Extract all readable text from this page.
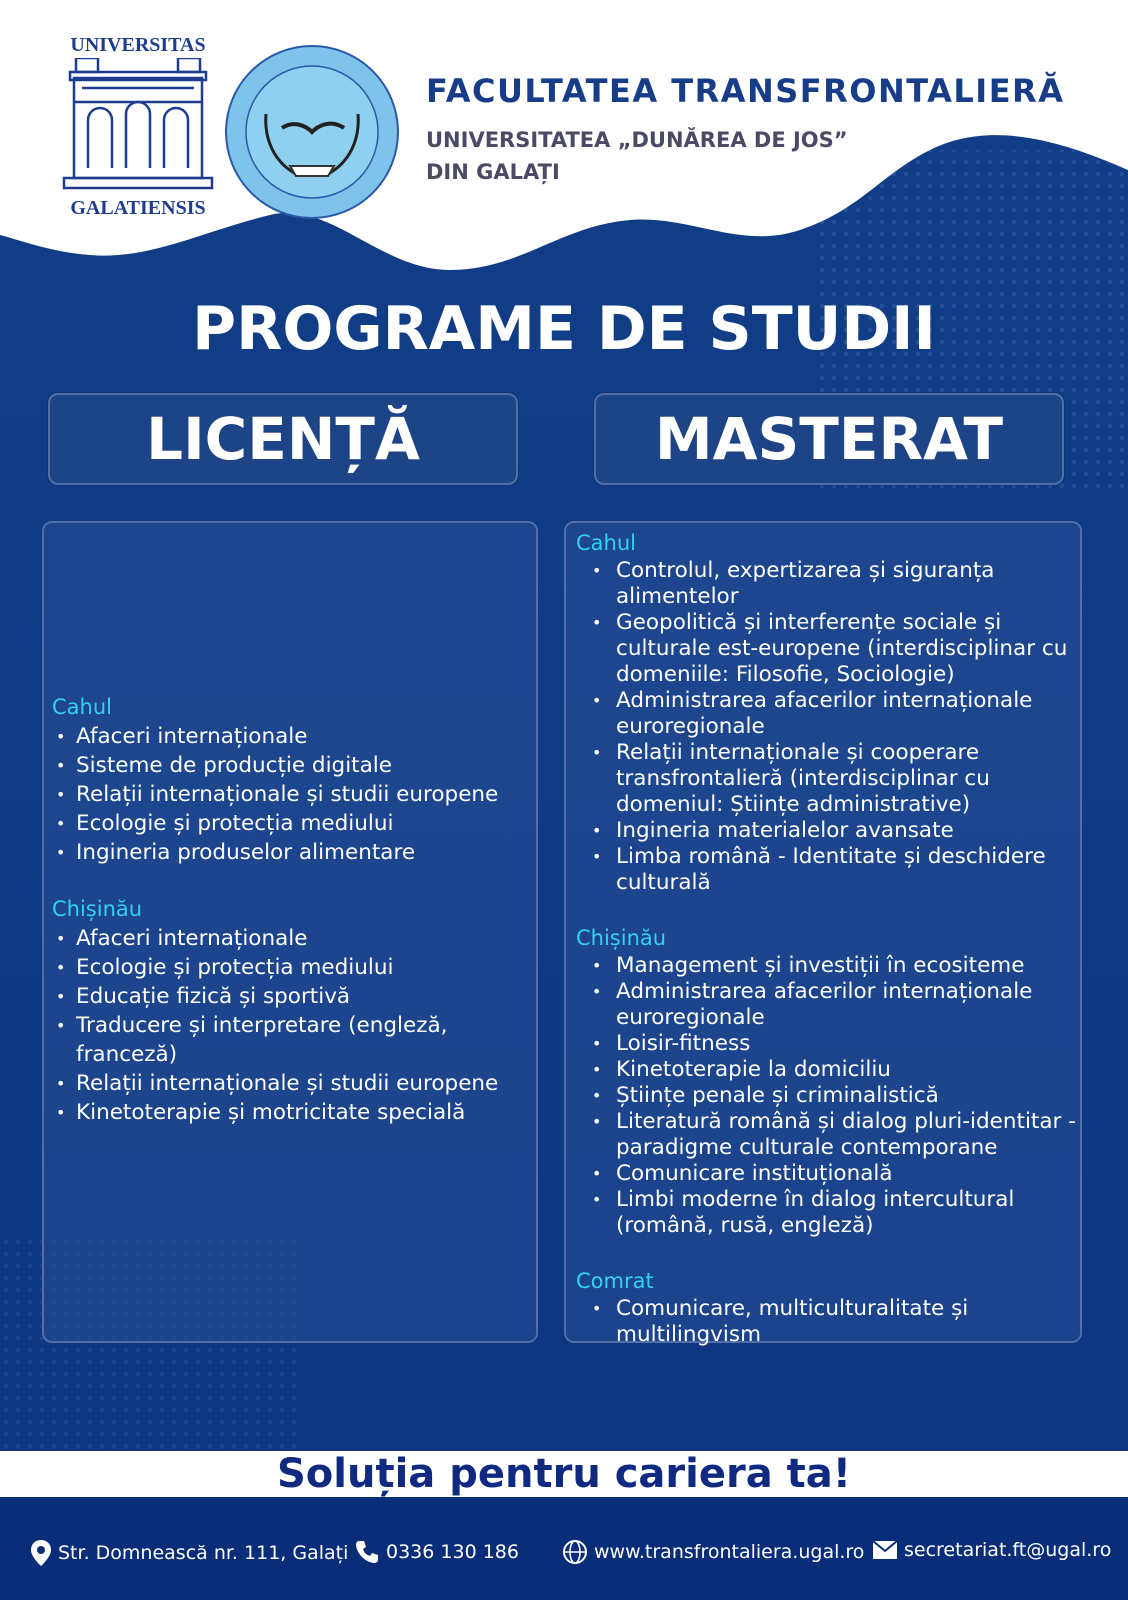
UNIVERSITAS
GALATIENSIS
FACULTATEA TRANSFRONTALIERĂ
UNIVERSITATEA „DUNĂREA DE JOS”
DIN GALAȚI
PROGRAME DE STUDII
LICENȚĂ	MASTERAT
Cahul
• Afaceri internaționale
• Sisteme de producție digitale
• Relații internaționale și studii europene
• Ecologie și protecția mediului
• Ingineria produselor alimentare
Chișinău
• Afaceri internaționale
• Ecologie și protecția mediului
• Educație fizică și sportivă
• Traducere și interpretare (engleză, franceză)
• Relații internaționale și studii europene
• Kinetoterapie și motricitate specială
Cahul
• Controlul, expertizarea și siguranța alimentelor
• Geopolitică și interferențe sociale și culturale est-europene (interdisciplinar cu domeniile: Filosofie, Sociologie)
• Administrarea afacerilor internaționale euroregionale
• Relații internaționale și cooperare transfrontalieră (interdisciplinar cu domeniul: Științe administrative)
• Ingineria materialelor avansate
• Limba română - Identitate și deschidere culturală
Chișinău
• Management și investiții în ecositeme
• Administrarea afacerilor internaționale euroregionale
• Loisir-fitness
• Kinetoterapie la domiciliu
• Științe penale și criminalistică
• Literatură română și dialog pluri-identitar - paradigme culturale contemporane
• Comunicare instituțională
• Limbi moderne în dialog intercultural (română, rusă, engleză)
Comrat
• Comunicare, multiculturalitate și multilingvism
Soluția pentru cariera ta!
Str. Domnească nr. 111, Galați 0336 130 186	www.transfrontaliera.ugal.ro secretariat.ft@ugal.ro
